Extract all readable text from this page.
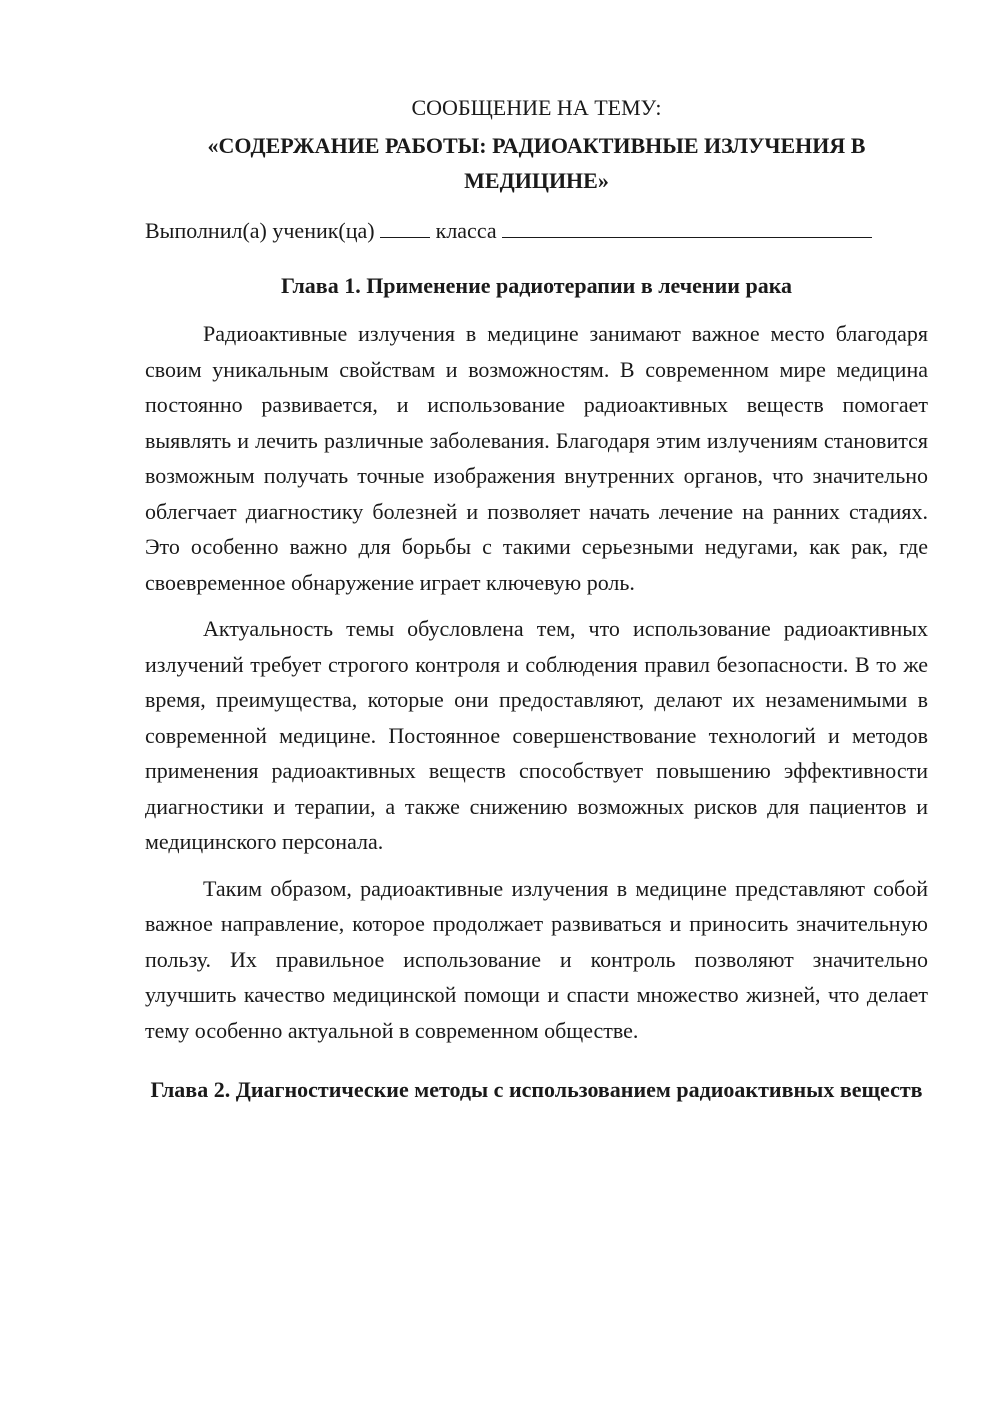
СООБЩЕНИЕ НА ТЕМУ:

«СОДЕРЖАНИЕ РАБОТЫ: РАДИОАКТИВНЫЕ ИЗЛУЧЕНИЯ В МЕДИЦИНЕ»

Выполнил(а) ученик(ца)	класса

Глава 1. Применение радиотерапии в лечении рака

Радиоактивные излучения в медицине занимают важное место благодаря своим уникальным свойствам и возможностям. В современном мире медицина постоянно развивается, и использование радиоактивных веществ помогает выявлять и лечить различные заболевания. Благодаря этим излучениям становится возможным получать точные изображения внутренних органов, что значительно облегчает диагностику болезней и позволяет начать лечение на ранних стадиях. Это особенно важно для борьбы с такими серьезными недугами, как рак, где своевременное обнаружение играет ключевую роль.

Актуальность темы обусловлена тем, что использование радиоактивных излучений требует строгого контроля и соблюдения правил безопасности. В то же время, преимущества, которые они предоставляют, делают их незаменимыми в современной медицине. Постоянное совершенствование технологий и методов применения радиоактивных веществ способствует повышению эффективности диагностики и терапии, а также снижению возможных рисков для пациентов и медицинского персонала.

Таким образом, радиоактивные излучения в медицине представляют собой важное направление, которое продолжает развиваться и приносить значительную пользу. Их правильное использование и контроль позволяют значительно улучшить качество медицинской помощи и спасти множество жизней, что делает тему особенно актуальной в современном обществе.

Глава 2. Диагностические методы с использованием радиоактивных веществ
